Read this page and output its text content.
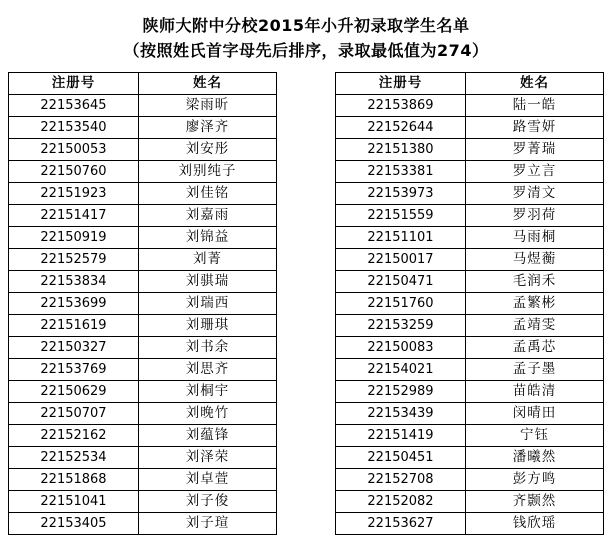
陕师大附中分校2015年小升初录取学生名单
（按照姓氏首字母先后排序，录取最低值为274）
注册号	姓名
22153645	梁雨昕
22153540	廖泽齐
22150053	刘安彤
22150760	刘别纯子
22151923	刘佳铭
22151417	刘嘉雨
22150919	刘锦益
22152579	刘菁
22153834	刘骐瑞
22153699	刘瑞西
22151619	刘珊琪
22150327	刘书余
22153769	刘思齐
22150629	刘桐宇
22150707	刘晚竹
22152162	刘蕴锋
22152534	刘泽荣
22151868	刘卓萱
22151041	刘子俊
22153405	刘子瑄
注册号	姓名
22153869	陆一皓
22152644	路雪妍
22151380	罗菁瑞
22153381	罗立言
22153973	罗清文
22151559	罗羽荷
22151101	马雨桐
22150017	马煜蘅
22150471	毛润禾
22151760	孟繁彬
22153259	孟靖雯
22150083	孟禹芯
22154021	孟子墨
22152989	苗皓清
22153439	闵晴田
22151419	宁钰
22150451	潘曦然
22152708	彭方鸣
22152082	齐颢然
22153627	钱欣瑶
